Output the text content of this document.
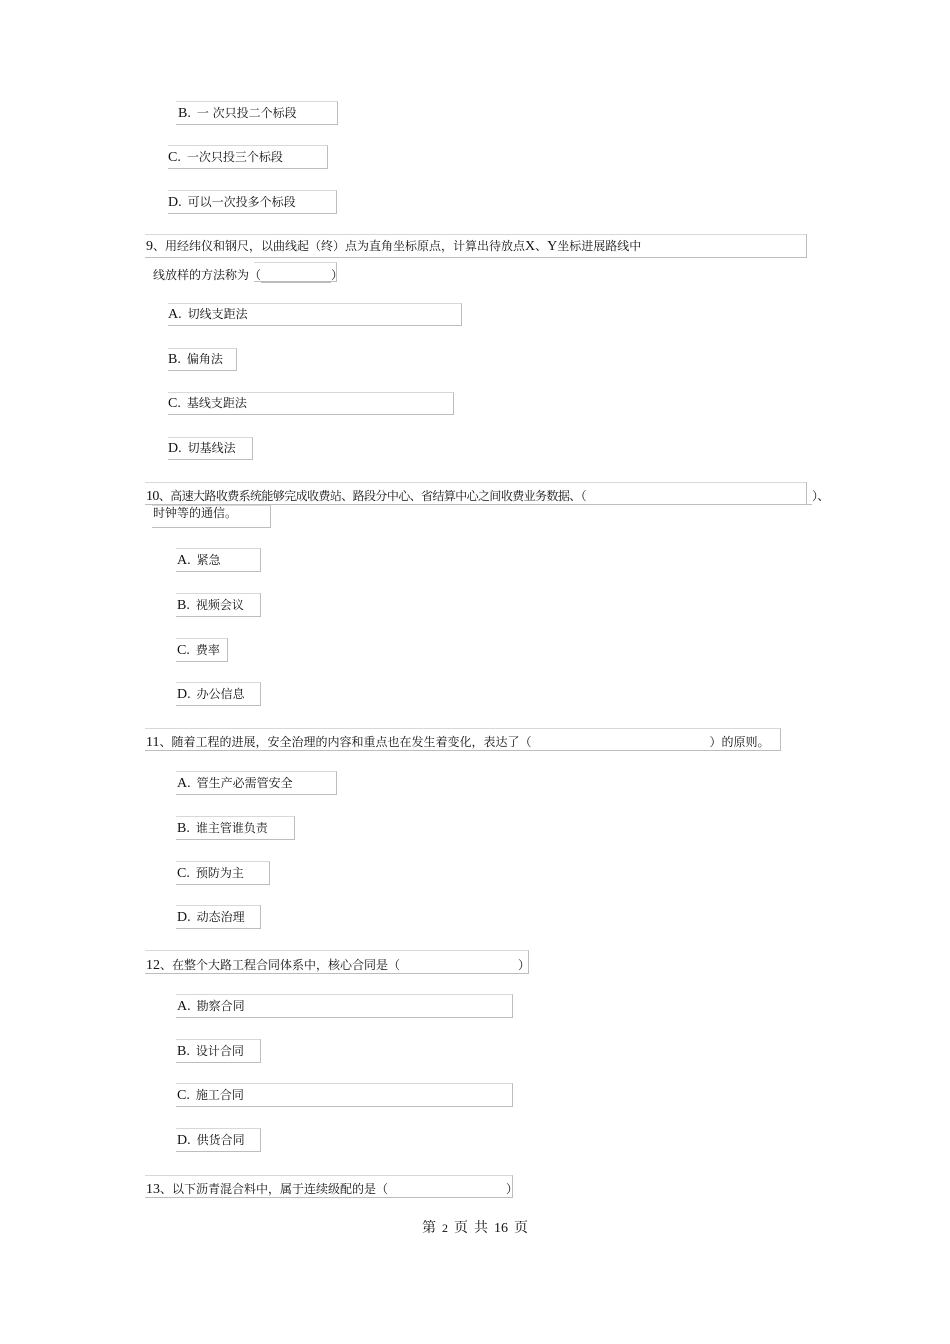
B. 一 次只投二个标段
C. 一次只投三个标段
D. 可以一次投多个标段
9、用经纬仪和钢尺，以曲线起（终）点为直角坐标原点，计算出待放点X、Y坐标进展路线中
线放样的方法称为（	）
A. 切线支距法
B. 偏角法
C. 基线支距法
D. 切基线法
10、高速大路收费系统能够完成收费站、路段分中心、省结算中心之间收费业务数据、（	）、
时钟等的通信。
A. 紧急
B. 视频会议
C. 费率
D. 办公信息
11、随着工程的进展，安全治理的内容和重点也在发生着变化，表达了（	）的原则。
A. 管生产必需管安全
B. 谁主管谁负责
C. 预防为主
D. 动态治理
12、在整个大路工程合同体系中，核心合同是（	）
A. 勘察合同
B. 设计合同
C. 施工合同
D. 供货合同
13、以下沥青混合料中，属于连续级配的是（	）
第 2 页 共 16 页
